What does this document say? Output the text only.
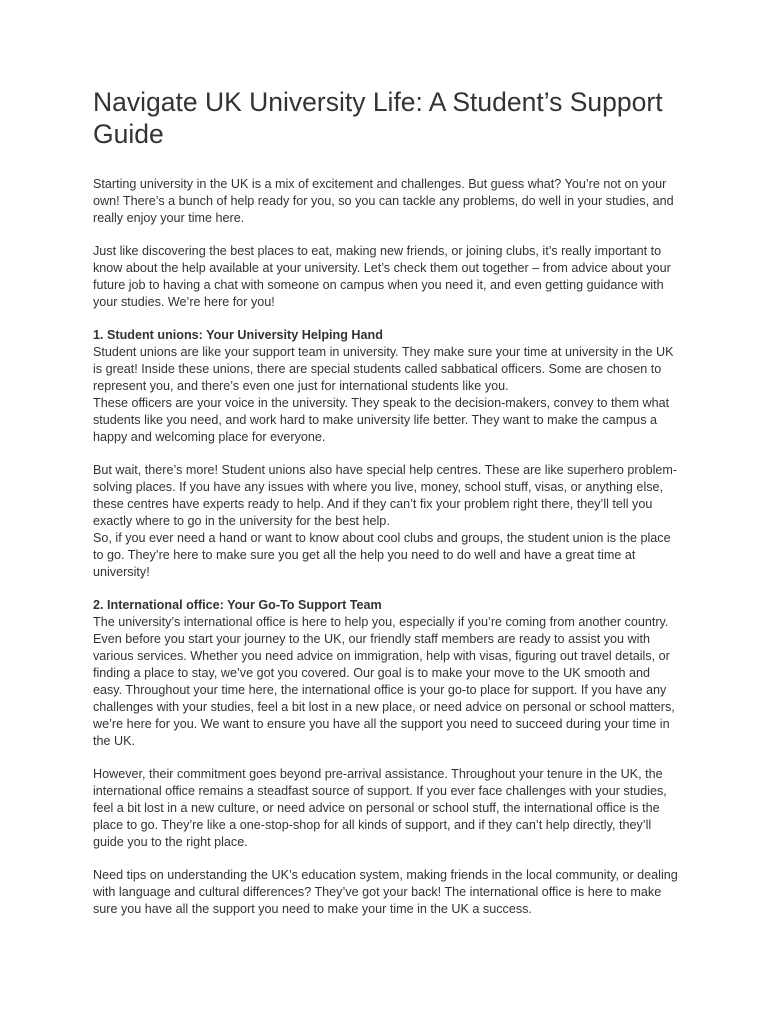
Navigate UK University Life: A Student’s Support Guide

Starting university in the UK is a mix of excitement and challenges. But guess what? You’re not on your own! There’s a bunch of help ready for you, so you can tackle any problems, do well in your studies, and really enjoy your time here.

Just like discovering the best places to eat, making new friends, or joining clubs, it’s really important to know about the help available at your university. Let’s check them out together – from advice about your future job to having a chat with someone on campus when you need it, and even getting guidance with your studies. We’re here for you!

1. Student unions: Your University Helping Hand

Student unions are like your support team in university. They make sure your time at university in the UK is great! Inside these unions, there are special students called sabbatical officers. Some are chosen to represent you, and there’s even one just for international students like you.

These officers are your voice in the university. They speak to the decision-makers, convey to them what students like you need, and work hard to make university life better. They want to make the campus a happy and welcoming place for everyone.

But wait, there’s more! Student unions also have special help centres. These are like superhero problem-solving places. If you have any issues with where you live, money, school stuff, visas, or anything else, these centres have experts ready to help. And if they can’t fix your problem right there, they’ll tell you exactly where to go in the university for the best help.

So, if you ever need a hand or want to know about cool clubs and groups, the student union is the place to go. They’re here to make sure you get all the help you need to do well and have a great time at university!

2. International office: Your Go-To Support Team

The university’s international office is here to help you, especially if you’re coming from another country. Even before you start your journey to the UK, our friendly staff members are ready to assist you with various services. Whether you need advice on immigration, help with visas, figuring out travel details, or finding a place to stay, we’ve got you covered. Our goal is to make your move to the UK smooth and easy. Throughout your time here, the international office is your go-to place for support. If you have any challenges with your studies, feel a bit lost in a new place, or need advice on personal or school matters, we’re here for you. We want to ensure you have all the support you need to succeed during your time in the UK.

However, their commitment goes beyond pre-arrival assistance. Throughout your tenure in the UK, the international office remains a steadfast source of support. If you ever face challenges with your studies, feel a bit lost in a new culture, or need advice on personal or school stuff, the international office is the place to go. They’re like a one-stop-shop for all kinds of support, and if they can’t help directly, they’ll guide you to the right place.

Need tips on understanding the UK’s education system, making friends in the local community, or dealing with language and cultural differences? They’ve got your back! The international office is here to make sure you have all the support you need to make your time in the UK a success.
